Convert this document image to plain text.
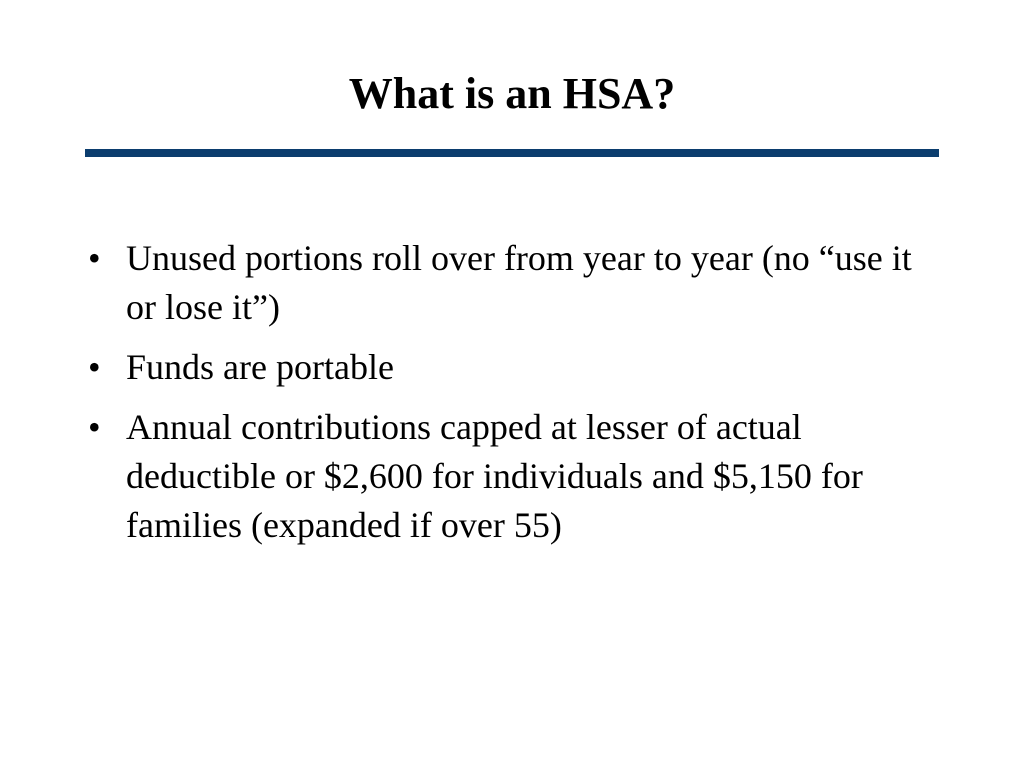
What is an HSA?
• Unused portions roll over from year to year (no “use it or lose it”)
• Funds are portable
• Annual contributions capped at lesser of actual deductible or $2,600 for individuals and $5,150 for families (expanded if over 55)
